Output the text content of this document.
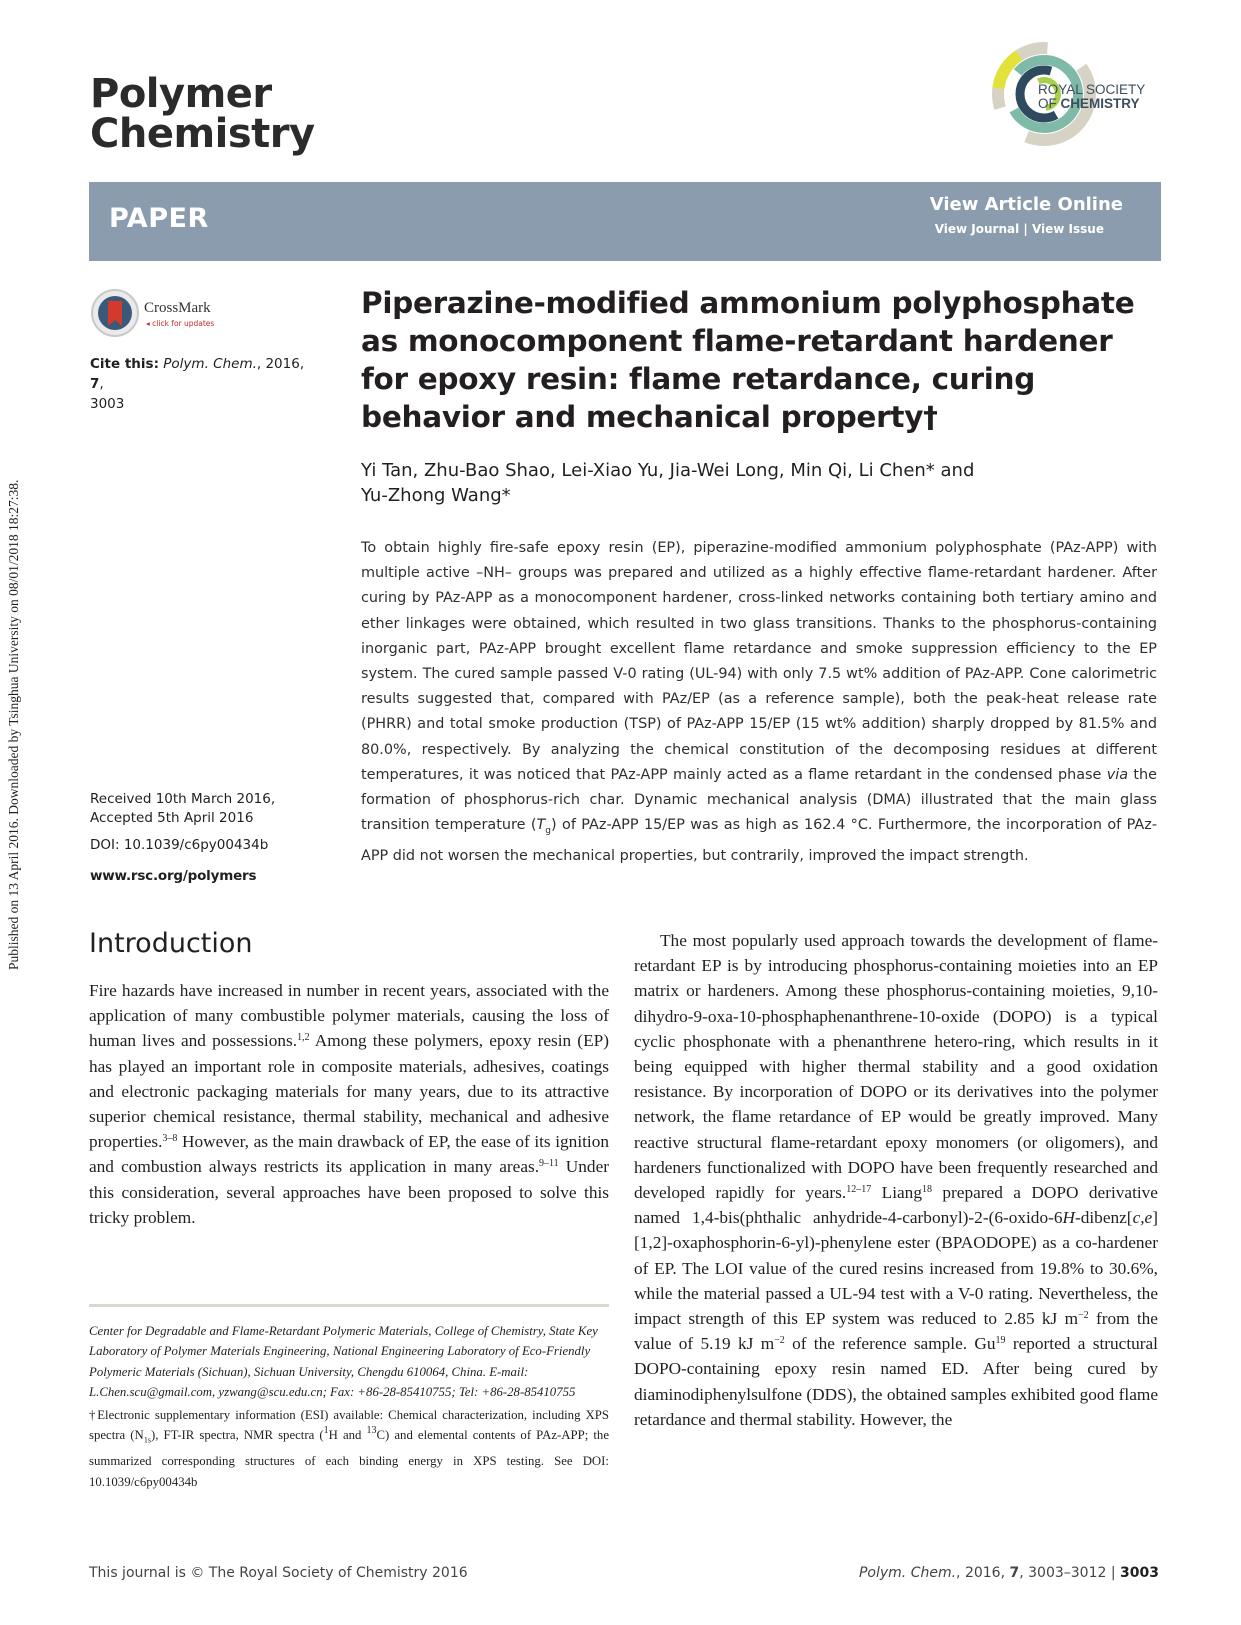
Polymer
Chemistry
ROYAL SOCIETY
OF CHEMISTRY
PAPER	View Article Online
View Journal | View Issue
CrossMark
◂ click for updates
Cite this: Polym. Chem., 2016, 7,
3003
Received 10th March 2016,
Accepted 5th April 2016
DOI: 10.1039/c6py00434b
www.rsc.org/polymers
Piperazine-modified ammonium polyphosphate as monocomponent flame-retardant hardener for epoxy resin: flame retardance, curing behavior and mechanical property†
Yi Tan, Zhu-Bao Shao, Lei-Xiao Yu, Jia-Wei Long, Min Qi, Li Chen* and
Yu-Zhong Wang*
To obtain highly fire-safe epoxy resin (EP), piperazine-modified ammonium polyphosphate (PAz-APP) with multiple active –NH– groups was prepared and utilized as a highly effective flame-retardant hardener. After curing by PAz-APP as a monocomponent hardener, cross-linked networks containing both tertiary amino and ether linkages were obtained, which resulted in two glass transitions. Thanks to the phosphorus-containing inorganic part, PAz-APP brought excellent flame retardance and smoke suppression efficiency to the EP system. The cured sample passed V-0 rating (UL-94) with only 7.5 wt% addition of PAz-APP. Cone calorimetric results suggested that, compared with PAz/EP (as a reference sample), both the peak-heat release rate (PHRR) and total smoke production (TSP) of PAz-APP 15/EP (15 wt% addition) sharply dropped by 81.5% and 80.0%, respectively. By analyzing the chemical constitution of the decomposing residues at different temperatures, it was noticed that PAz-APP mainly acted as a flame retardant in the condensed phase via the formation of phosphorus-rich char. Dynamic mechanical analysis (DMA) illustrated that the main glass transition temperature $(T_g)$ of PAz-APP 15/EP was as high as 162.4 °C. Furthermore, the incorporation of PAz-APP did not worsen the mechanical properties, but contrarily, improved the impact strength.
Introduction

Fire hazards have increased in number in recent years, associated with the application of many combustible polymer materials, causing the loss of human lives and possessions.$^{1,2}$ Among these polymers, epoxy resin (EP) has played an important role in composite materials, adhesives, coatings and electronic packaging materials for many years, due to its attractive superior chemical resistance, thermal stability, mechanical and adhesive properties.$^{3-8}$ However, as the main drawback of EP, the ease of its ignition and combustion always restricts its application in many areas.$^{9-11}$ Under this consideration, several approaches have been proposed to solve this tricky problem.

The most popularly used approach towards the development of flame-retardant EP is by introducing phosphorus-containing moieties into an EP matrix or hardeners. Among these phosphorus-containing moieties, 9,10-dihydro-9-oxa-10-phosphaphenanthrene-10-oxide (DOPO) is a typical cyclic phosphonate with a phenanthrene hetero-ring, which results in it being equipped with higher thermal stability and a good oxidation resistance. By incorporation of DOPO or its derivatives into the polymer network, the flame retardance of EP would be greatly improved. Many reactive structural flame-retardant epoxy monomers (or oligomers), and hardeners functionalized with DOPO have been frequently researched and developed rapidly for years.$^{12-17}$ Liang$^{18}$ prepared a DOPO derivative named 1,4-bis(phthalic anhydride-4-carbonyl)-2-(6-oxido-6H-dibenz[c,e][1,2]-oxaphosphorin-6-yl)-phenylene ester (BPAODOPE) as a co-hardener of EP. The LOI value of the cured resins increased from 19.8% to 30.6%, while the material passed a UL-94 test with a V-0 rating. Nevertheless, the impact strength of this EP system was reduced to 2.85 kJ $m^{-2}$ from the value of 5.19 kJ $m^{-2}$ of the reference sample. Gu$^{19}$ reported a structural DOPO-containing epoxy resin named ED. After being cured by diaminodiphenylsulfone (DDS), the obtained samples exhibited good flame retardance and thermal stability. However, the

Center for Degradable and Flame-Retardant Polymeric Materials, College of Chemistry, State Key Laboratory of Polymer Materials Engineering, National Engineering Laboratory of Eco-Friendly Polymeric Materials (Sichuan), Sichuan University, Chengdu 610064, China. E-mail: L.Chen.scu@gmail.com, yzwang@scu.edu.cn; Fax: +86-28-85410755; Tel: +86-28-85410755
†Electronic supplementary information (ESI) available: Chemical characterization, including XPS spectra $(N_{1s})$, FT-IR spectra, NMR spectra ($^1$H and $^{13}$C) and elemental contents of PAz-APP; the summarized corresponding structures of each binding energy in XPS testing. See DOI: 10.1039/c6py00434b
Published on 13 April 2016. Downloaded by Tsinghua University on 08/01/2018 18:27:38.
This journal is © The Royal Society of Chemistry 2016	Polym. Chem., 2016, 7, 3003–3012 | 3003
